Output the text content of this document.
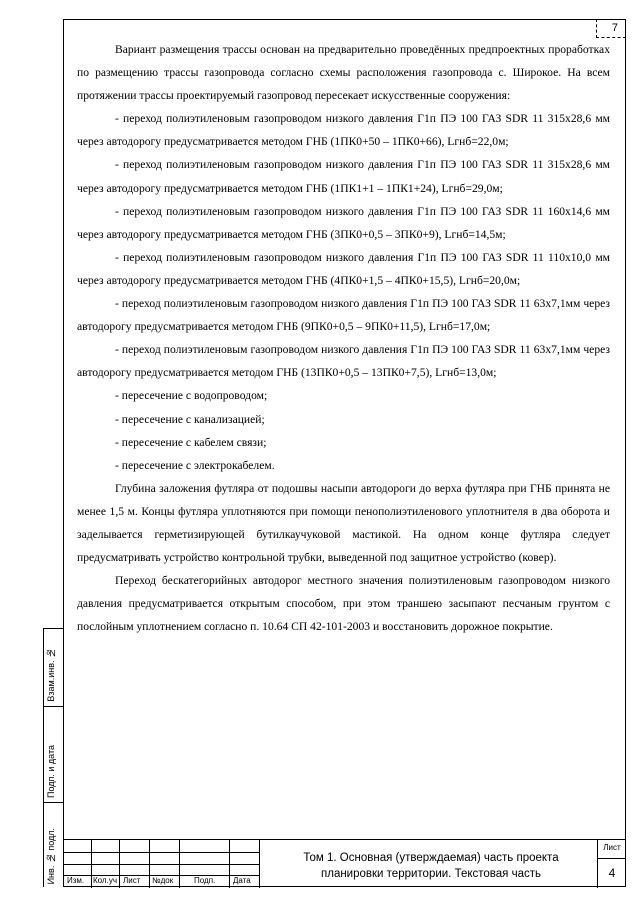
7

Вариант размещения трассы основан на предварительно проведённых предпроектных проработках по размещению трассы газопровода согласно схемы расположения газопровода с. Широкое. На всем протяжении трассы проектируемый газопровод пересекает искусственные сооружения:

- переход полиэтиленовым газопроводом низкого давления Г1п ПЭ 100 ГАЗ SDR 11 315х28,6 мм через автодорогу предусматривается методом ГНБ (1ПК0+50 – 1ПК0+66), Lгнб=22,0м;

- переход полиэтиленовым газопроводом низкого давления Г1п ПЭ 100 ГАЗ SDR 11 315х28,6 мм через автодорогу предусматривается методом ГНБ (1ПК1+1 – 1ПК1+24), Lгнб=29,0м;

- переход полиэтиленовым газопроводом низкого давления Г1п ПЭ 100 ГАЗ SDR 11 160х14,6 мм через автодорогу предусматривается методом ГНБ (3ПК0+0,5 – 3ПК0+9), Lгнб=14,5м;

- переход полиэтиленовым газопроводом низкого давления Г1п ПЭ 100 ГАЗ SDR 11 110х10,0 мм через автодорогу предусматривается методом ГНБ (4ПК0+1,5 – 4ПК0+15,5), Lгнб=20,0м;

- переход полиэтиленовым газопроводом низкого давления Г1п ПЭ 100 ГАЗ SDR 11 63х7,1мм через автодорогу предусматривается методом ГНБ (9ПК0+0,5 – 9ПК0+11,5), Lгнб=17,0м;

- переход полиэтиленовым газопроводом низкого давления Г1п ПЭ 100 ГАЗ SDR 11 63х7,1мм через автодорогу предусматривается методом ГНБ (13ПК0+0,5 – 13ПК0+7,5), Lгнб=13,0м;

- пересечение с водопроводом;

- пересечение с канализацией;

- пересечение с кабелем связи;

- пересечение с электрокабелем.

Глубина заложения футляра от подошвы насыпи автодороги до верха футляра при ГНБ принята не менее 1,5 м. Концы футляра уплотняются при помощи пенополиэтиленового уплотнителя в два оборота и заделывается герметизирующей бутилкаучуковой мастикой. На одном конце футляра следует предусматривать устройство контрольной трубки, выведенной под защитное устройство (ковер).

Переход бескатегорийных автодорог местного значения полиэтиленовым газопроводом низкого давления предусматривается открытым способом, при этом траншею засыпают песчаным грунтом с послойным уплотнением согласно п. 10.64 СП 42-101-2003 и восстановить дорожное покрытие.

Взам.инв. №
Подп. и дата
Инв. № подл. Изм. Кол.уч Лист №док	Подп. Дата
Том 1. Основная (утверждаемая) часть проекта планировки территории. Текстовая часть
Лист
4
